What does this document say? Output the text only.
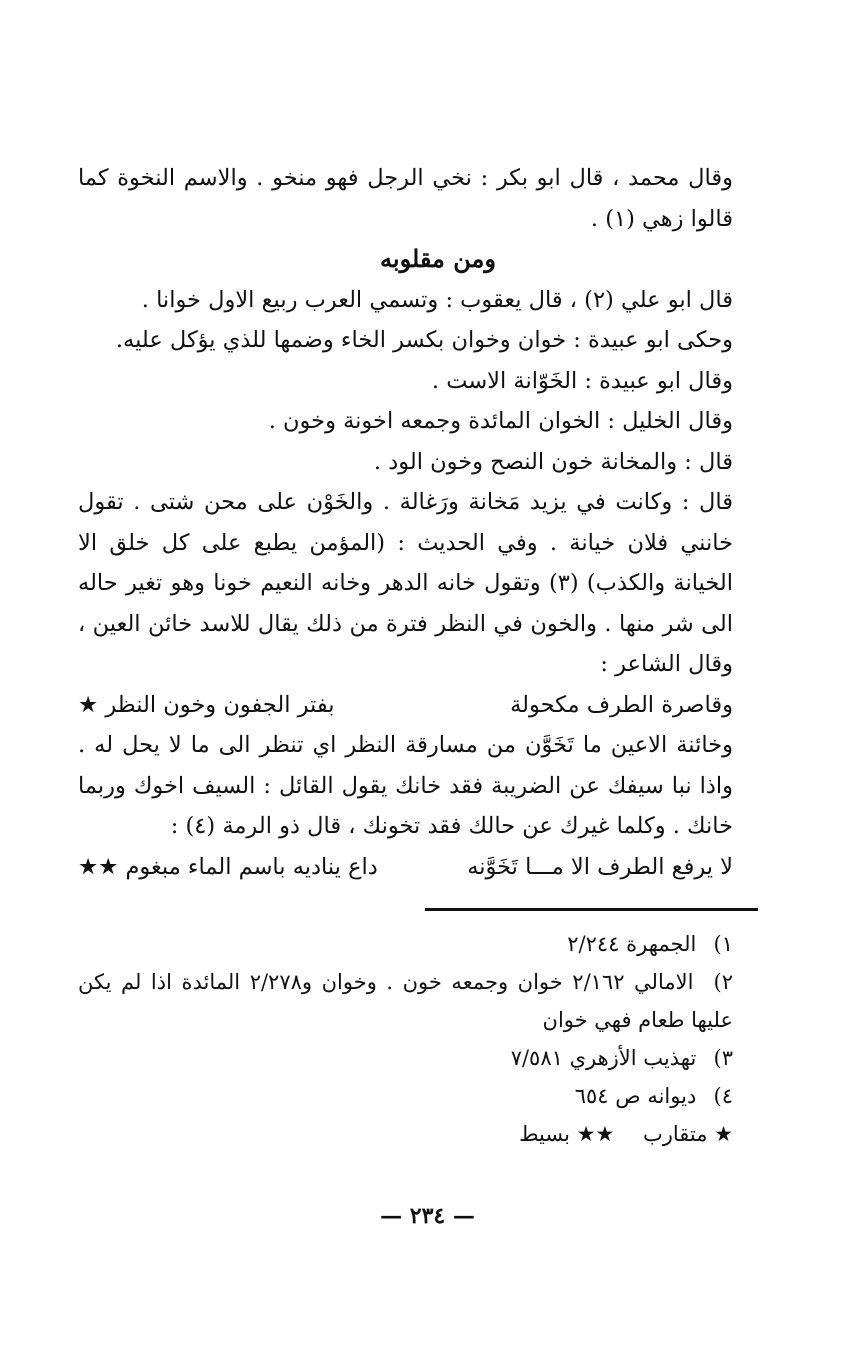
وقال محمد ، قال ابو بكر : نخي الرجل فهو منخو . والاسم النخوة كما قالوا زهي (١) .

ومن مقلوبه

قال ابو علي (٢) ، قال يعقوب : وتسمي العرب ربيع الاول خوانا .

وحكى ابو عبيدة : خوان وخوان بكسر الخاء وضمها للذي يؤكل عليه.

وقال ابو عبيدة : الخَوّانة الاست .

وقال الخليل : الخوان المائدة وجمعه اخونة وخون .

قال : والمخانة خون النصح وخون الود .

قال : وكانت في يزيد مَخانة ورَغالة . والخَوْن على محن شتى . تقول خانني فلان خيانة . وفي الحديث : (المؤمن يطبع على كل خلق الا الخيانة والكذب) (٣) وتقول خانه الدهر وخانه النعيم خونا وهو تغير حاله الى شر منها . والخون في النظر فترة من ذلك يقال للاسد خائن العين ، وقال الشاعر :

وقاصرة الطرف مكحولة
بفتر الجفون وخون النظر ★

وخائنة الاعين ما تَخَوَّن من مسارقة النظر اي تنظر الى ما لا يحل له . واذا نبا سيفك عن الضريبة فقد خانك يقول القائل : السيف اخوك وربما خانك . وكلما غيرك عن حالك فقد تخونك ، قال ذو الرمة (٤) :

لا يرفع الطرف الا مـــا تَخَوَّنه
داع يناديه باسم الماء مبغوم ★★

١) الجمهرة ٢/٢٤٤

٢) الامالي ٢/١٦٢ خوان وجمعه خون . وخوان و٢/٢٧٨ المائدة اذا لم يكن عليها طعام فهي خوان

٣) تهذيب الأزهري ٧/٥٨١

٤) ديوانه ص ٦٥٤

★ متقارب ★★ بسيط

— ٢٣٤ —
